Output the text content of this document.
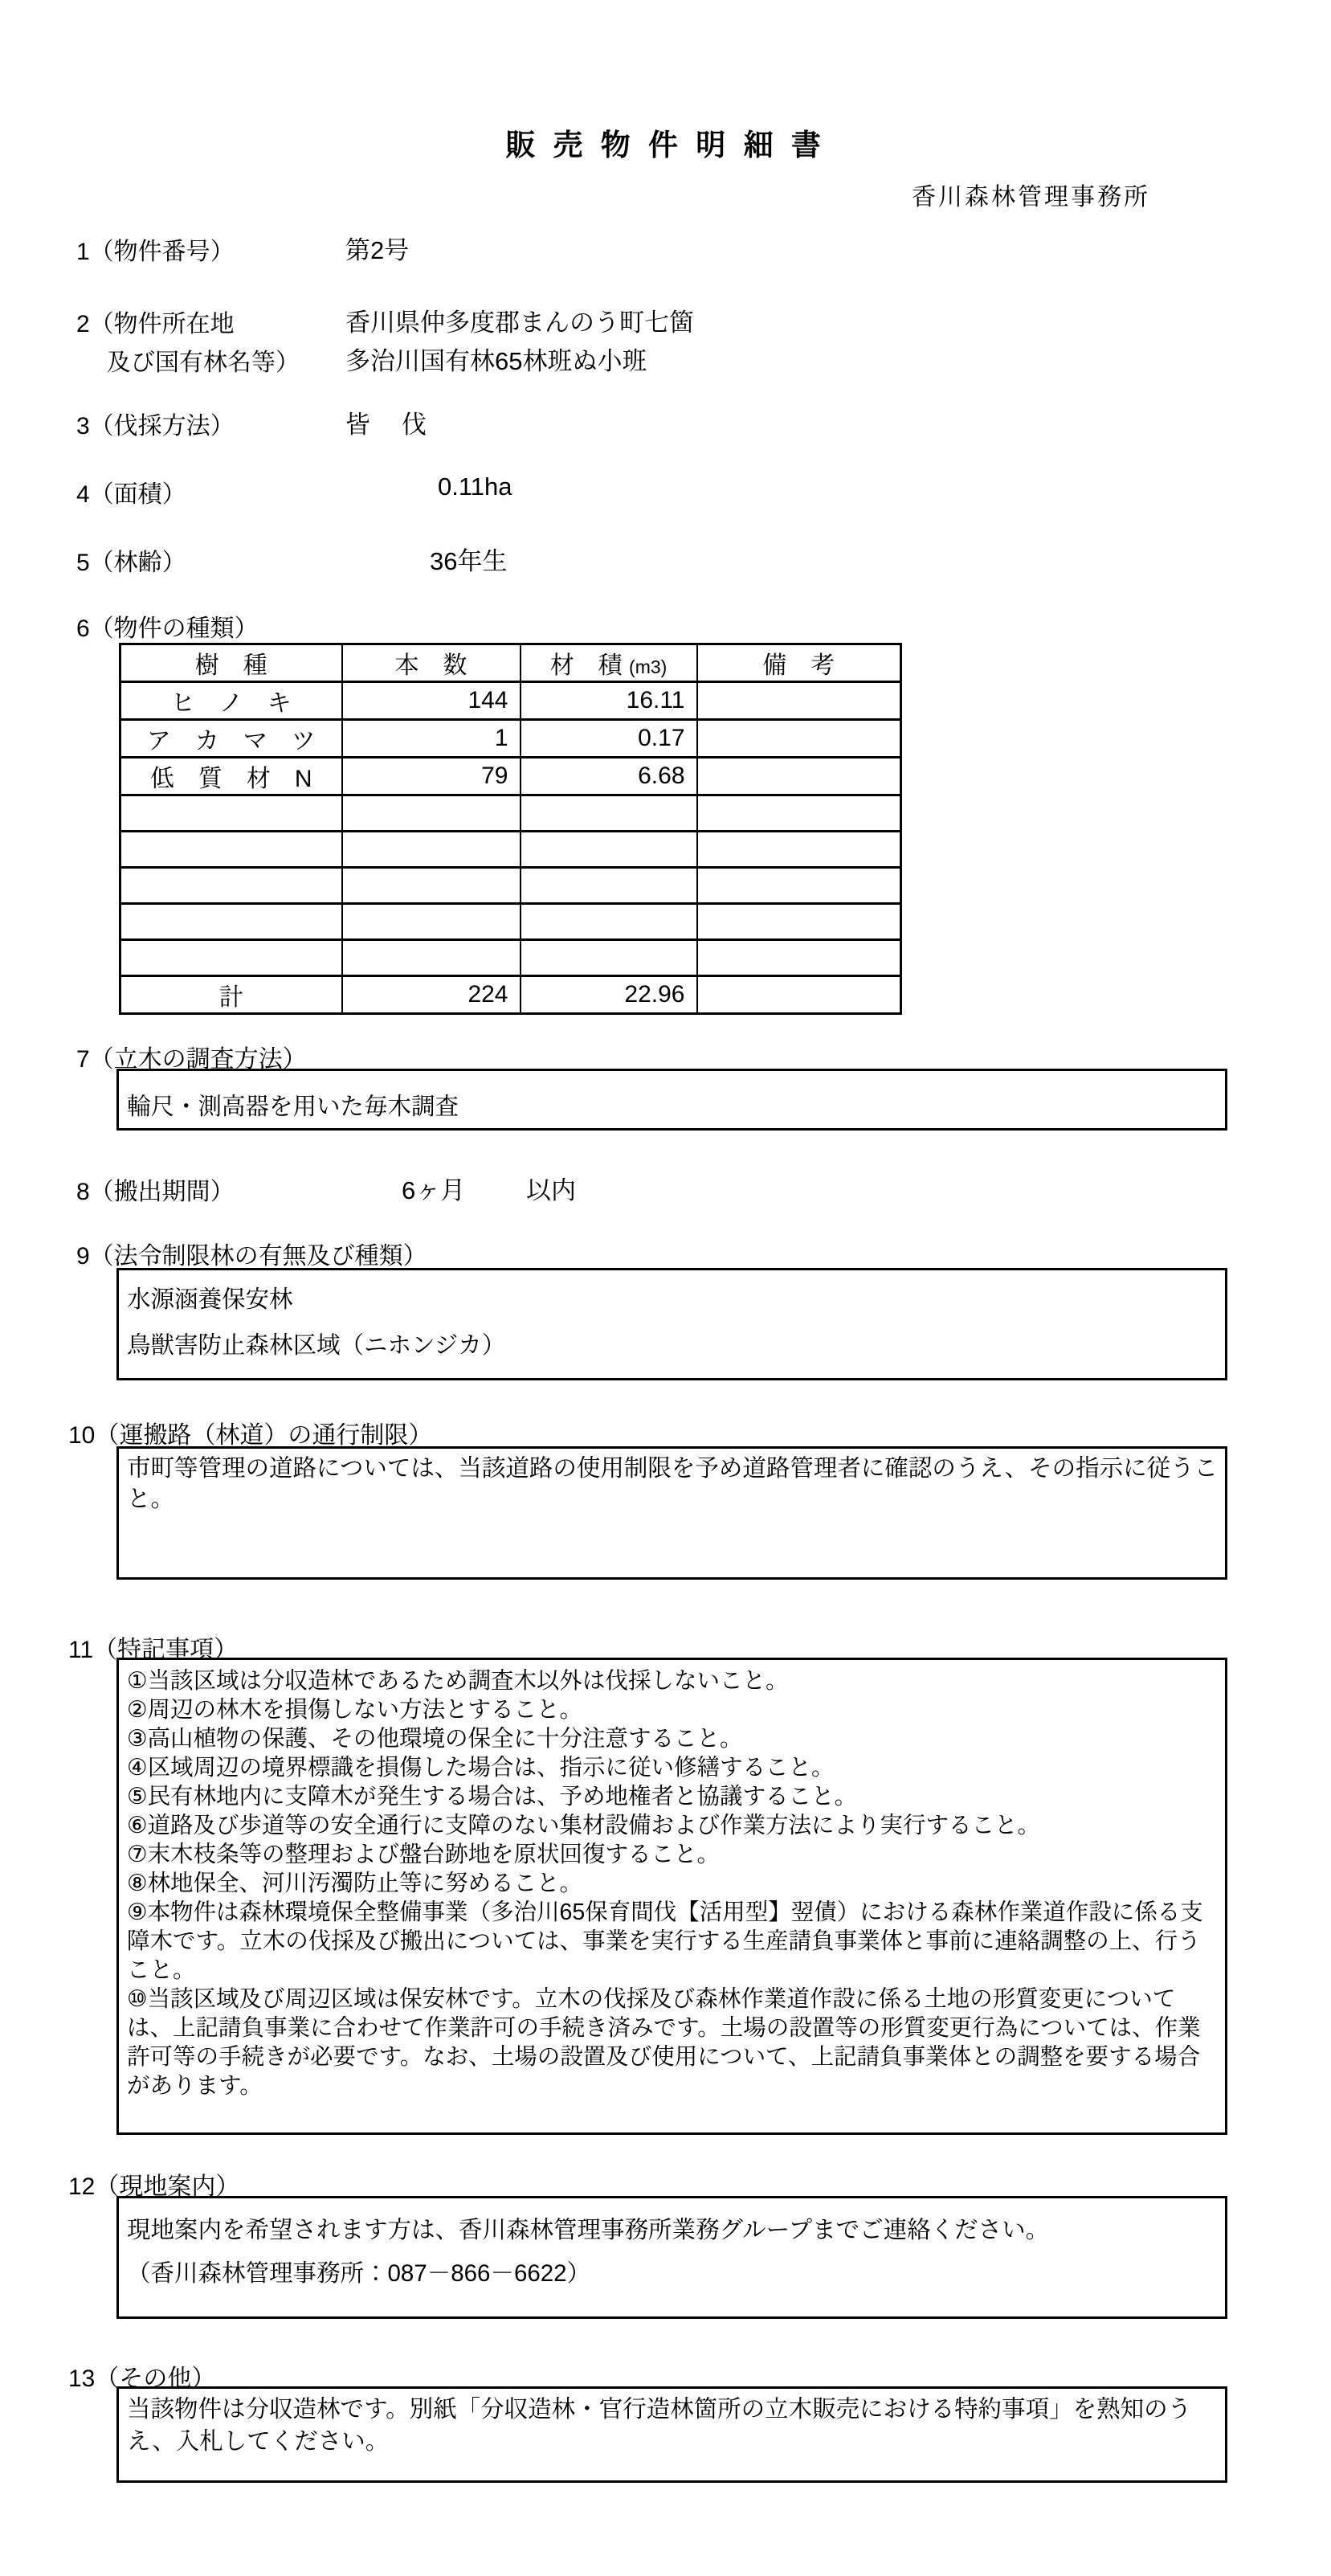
販 売 物 件 明 細 書
香川森林管理事務所
1（物件番号）	第2号
2（物件所在地
及び国有林名等）
香川県仲多度郡まんのう町七箇
多治川国有林65林班ぬ小班
3（伐採方法）	皆　伐
4（面積）	0.11ha
5（林齢）	36年生
6（物件の種類）
樹　種	本　数	材　積 (m3)	備　考
ヒ　ノ　キ	144	16.11	
ア　カ　マ　ツ	1	0.17	
低　質　材　N	79	6.68	

計	224	22.96	
7（立木の調査方法）
輪尺・測高器を用いた毎木調査
8（搬出期間）	6ヶ月 以内
9（法令制限林の有無及び種類）
水源涵養保安林
鳥獣害防止森林区域（ニホンジカ）
10（運搬路（林道）の通行制限）
市町等管理の道路については、当該道路の使用制限を予め道路管理者に確認のうえ、その指示に従うこと。
11（特記事項）
①当該区域は分収造林であるため調査木以外は伐採しないこと。
②周辺の林木を損傷しない方法とすること。
③高山植物の保護、その他環境の保全に十分注意すること。
④区域周辺の境界標識を損傷した場合は、指示に従い修繕すること。
⑤民有林地内に支障木が発生する場合は、予め地権者と協議すること。
⑥道路及び歩道等の安全通行に支障のない集材設備および作業方法により実行すること。
⑦末木枝条等の整理および盤台跡地を原状回復すること。
⑧林地保全、河川汚濁防止等に努めること。
⑨本物件は森林環境保全整備事業（多治川65保育間伐【活用型】翌債）における森林作業道作設に係る支障木です。立木の伐採及び搬出については、事業を実行する生産請負事業体と事前に連絡調整の上、行うこと。
⑩当該区域及び周辺区域は保安林です。立木の伐採及び森林作業道作設に係る土地の形質変更については、上記請負事業に合わせて作業許可の手続き済みです。土場の設置等の形質変更行為については、作業許可等の手続きが必要です。なお、土場の設置及び使用について、上記請負事業体との調整を要する場合があります。
12（現地案内）
現地案内を希望されます方は、香川森林管理事務所業務グループまでご連絡ください。
（香川森林管理事務所：087－866－6622）
13（その他）
当該物件は分収造林です。別紙「分収造林・官行造林箇所の立木販売における特約事項」を熟知のうえ、入札してください。
